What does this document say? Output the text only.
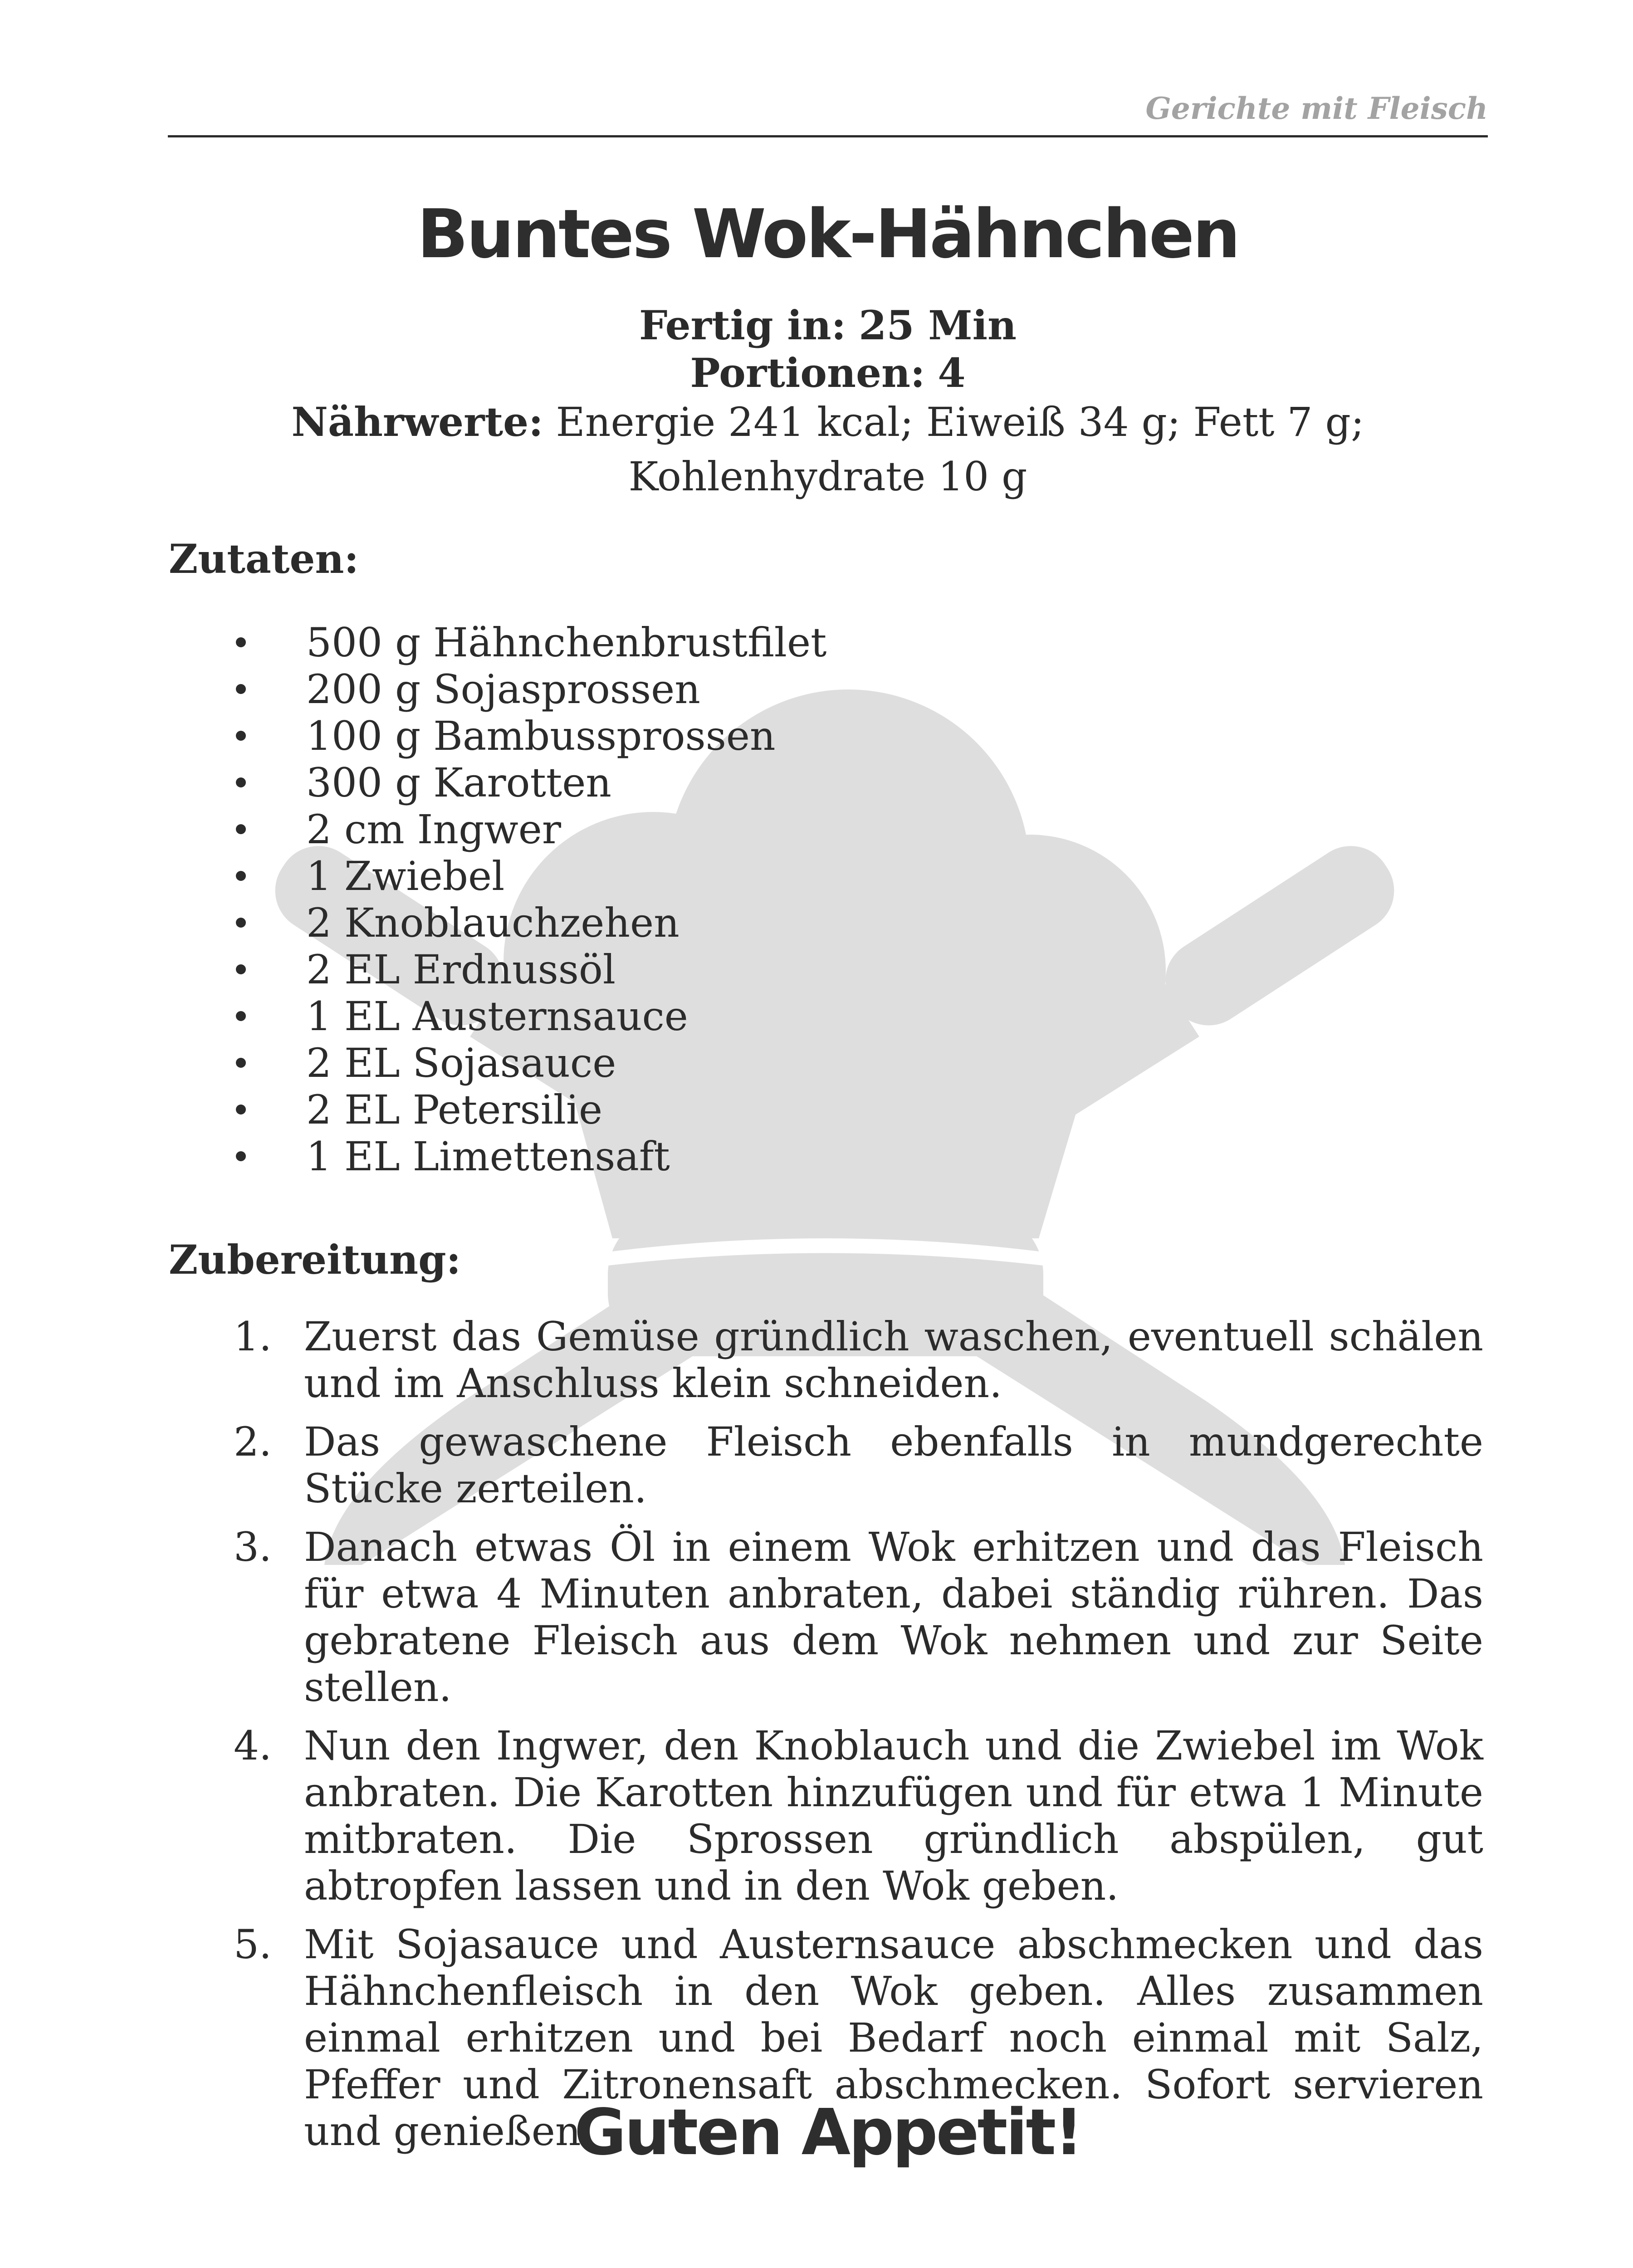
Gerichte mit Fleisch
Buntes Wok-Hähnchen
Fertig in: 25 Min
Portionen: 4
Nährwerte: Energie 241 kcal; Eiweiß 34 g; Fett 7 g;
Kohlenhydrate 10 g
Zutaten:
500 g Hähnchenbrustfilet
200 g Sojasprossen
100 g Bambussprossen
300 g Karotten
2 cm Ingwer
1 Zwiebel
2 Knoblauchzehen
2 EL Erdnussöl
1 EL Austernsauce
2 EL Sojasauce
2 EL Petersilie
1 EL Limettensaft
Zubereitung:
1. Zuerst das Gemüse gründlich waschen, eventuell schälen und im Anschluss klein schneiden.
2. Das gewaschene Fleisch ebenfalls in mundgerechte Stücke zerteilen.
3. Danach etwas Öl in einem Wok erhitzen und das Fleisch für etwa 4 Minuten anbraten, dabei ständig rühren. Das gebratene Fleisch aus dem Wok nehmen und zur Seite stellen.
4. Nun den Ingwer, den Knoblauch und die Zwiebel im Wok anbraten. Die Karotten hinzufügen und für etwa 1 Minute mitbraten. Die Sprossen gründlich abspülen, gut abtropfen lassen und in den Wok geben.
5. Mit Sojasauce und Austernsauce abschmecken und das Hähnchenfleisch in den Wok geben. Alles zusammen einmal erhitzen und bei Bedarf noch einmal mit Salz, Pfeffer und Zitronensaft abschmecken. Sofort servieren und genießen.
Guten Appetit!
